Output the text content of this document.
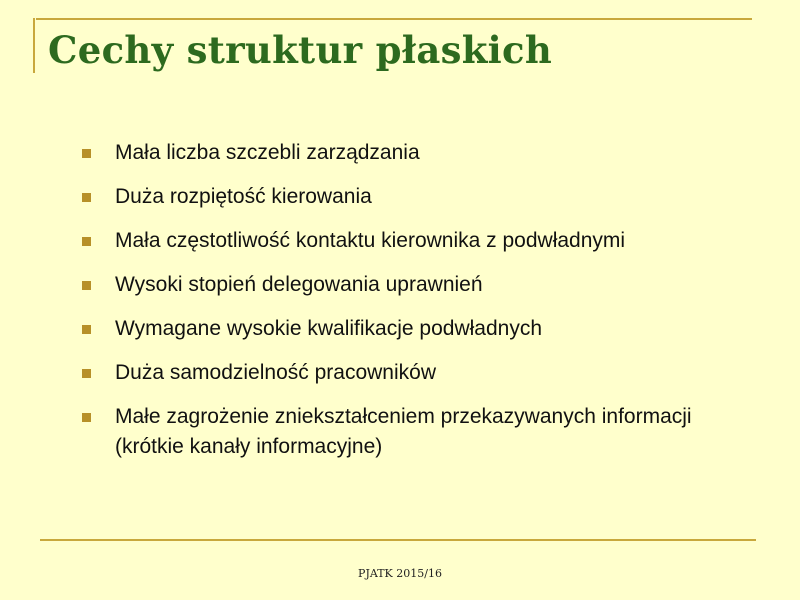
Cechy struktur płaskich
Mała liczba szczebli zarządzania
Duża rozpiętość kierowania
Mała częstotliwość kontaktu kierownika z podwładnymi
Wysoki stopień delegowania uprawnień
Wymagane wysokie kwalifikacje podwładnych
Duża samodzielność pracowników
Małe zagrożenie zniekształceniem przekazywanych informacji (krótkie kanały informacyjne)
PJATK 2015/16
